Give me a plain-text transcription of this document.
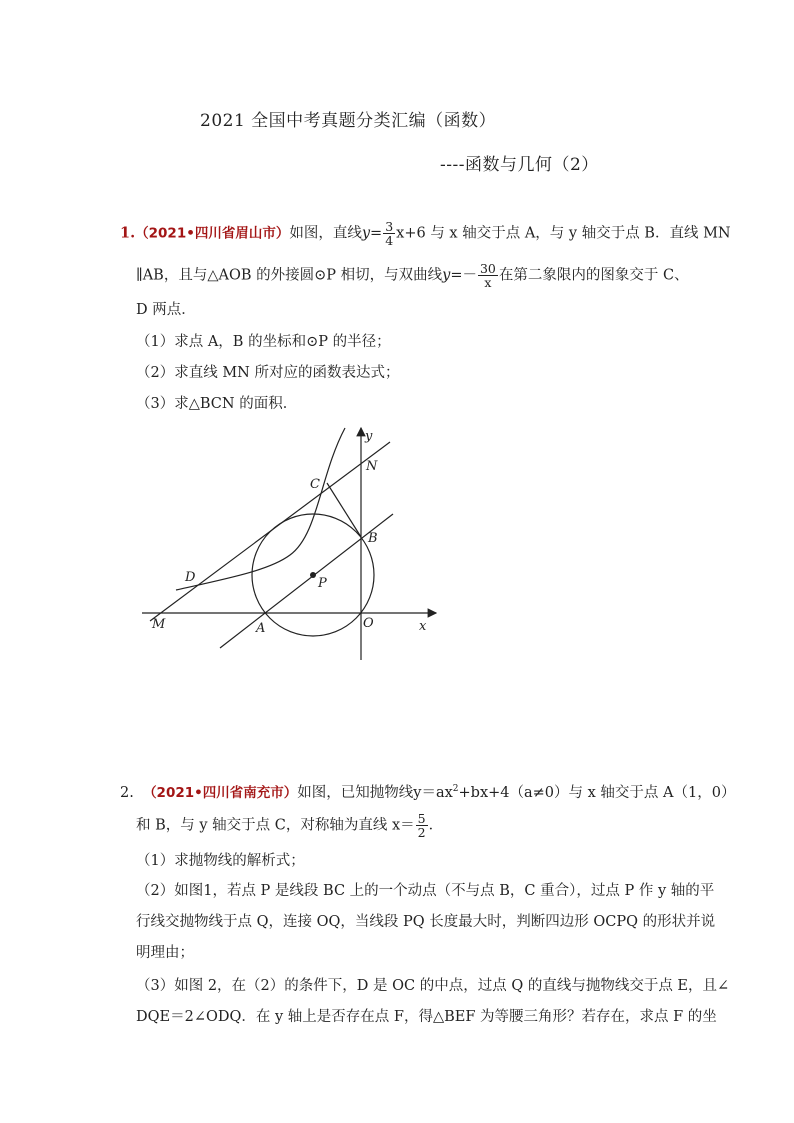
2021 全国中考真题分类汇编（函数）
----函数与几何（2）
1.（2021•四川省眉山市）如图，直线$y= \frac{3}{4} x+6$ 与 x 轴交于点 A，与 y 轴交于点 B．直线 MN
∥AB，且与△AOB 的外接圆⊙P 相切，与双曲线$y=- \frac{30}{x}$ 在第二象限内的图象交于 C、
D 两点．
（1）求点 A，B 的坐标和⊙P 的半径；
（2）求直线 MN 所对应的函数表达式；
（3）求△BCN 的面积．
y
N
C
B
D	P
M	A	O	x
2. （2021•四川省南充市）如图，已知抛物线$y=ax^2+bx+4(a\ne 0)$与 x 轴交于点 A（1，0）
和 B，与 y 轴交于点 C，对称轴为直线 $x= \frac{5}{2}$ ．
（1）求抛物线的解析式；
（2）如图1，若点 P 是线段 BC 上的一个动点（不与点 B，C 重合），过点 P 作 y 轴的平
行线交抛物线于点 Q，连接 OQ，当线段 PQ 长度最大时，判断四边形 OCPQ 的形状并说
明理由；
（3）如图 2，在（2）的条件下，D 是 OC 的中点，过点 Q 的直线与抛物线交于点 E，且∠
DQE＝2∠ODQ．在 y 轴上是否存在点 F，得△BEF 为等腰三角形？若存在，求点 F 的坐
